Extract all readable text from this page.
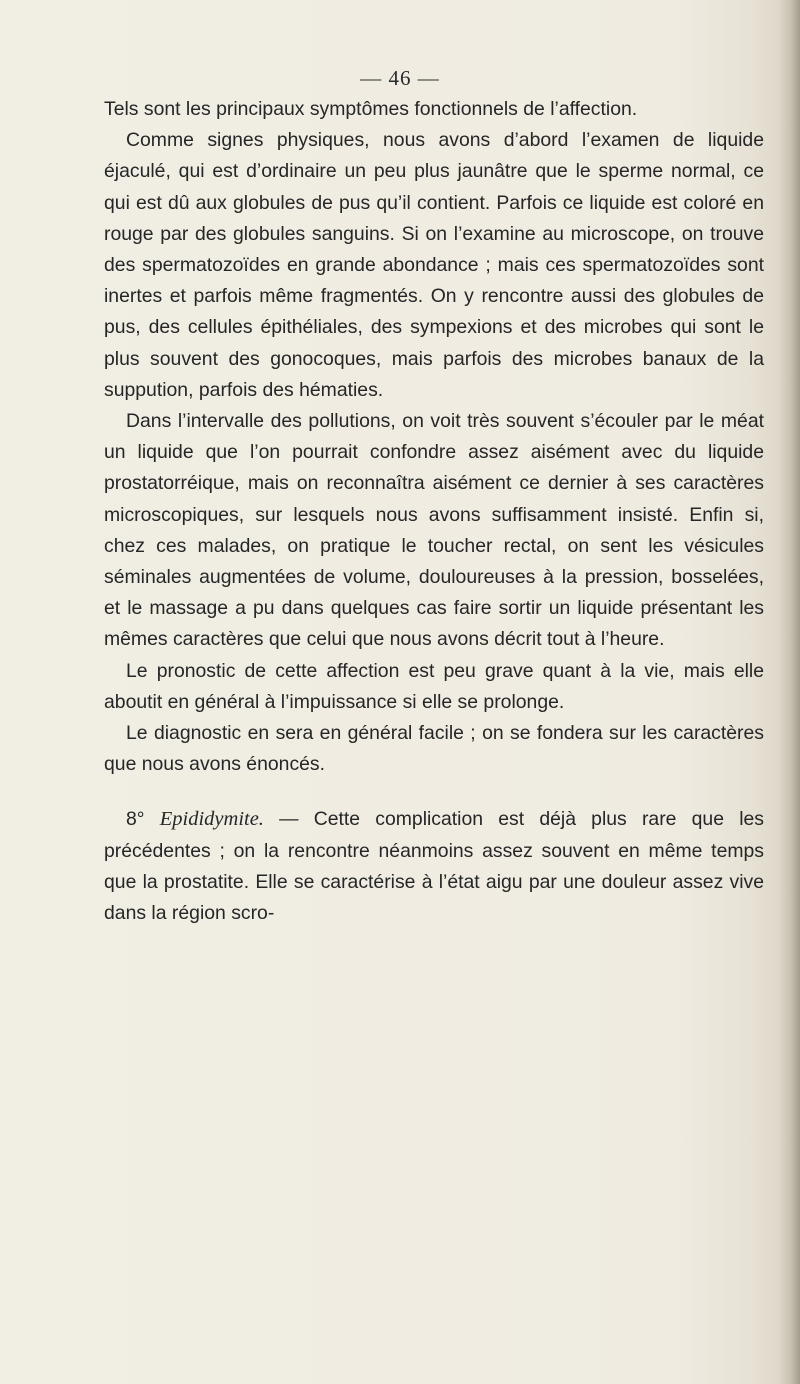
— 46 —

Tels sont les principaux symptômes fonctionnels de l’affection.

Comme signes physiques, nous avons d’abord l’examen de liquide éjaculé, qui est d’ordinaire un peu plus jaunâtre que le sperme normal, ce qui est dû aux globules de pus qu’il contient. Parfois ce liquide est coloré en rouge par des globules sanguins. Si on l’examine au microscope, on trouve des spermatozoïdes en grande abondance ; mais ces spermatozoïdes sont inertes et parfois même fragmentés. On y rencontre aussi des globules de pus, des cellules épithéliales, des sympexions et des microbes qui sont le plus souvent des gonocoques, mais parfois des microbes banaux de la suppution, parfois des hématies.

Dans l’intervalle des pollutions, on voit très souvent s’écouler par le méat un liquide que l’on pourrait confondre assez aisément avec du liquide prostatorréique, mais on reconnaîtra aisément ce dernier à ses caractères microscopiques, sur lesquels nous avons suffisamment insisté. Enfin si, chez ces malades, on pratique le toucher rectal, on sent les vésicules séminales augmentées de volume, douloureuses à la pression, bosselées, et le massage a pu dans quelques cas faire sortir un liquide présentant les mêmes caractères que celui que nous avons décrit tout à l’heure.

Le pronostic de cette affection est peu grave quant à la vie, mais elle aboutit en général à l’impuissance si elle se prolonge.

Le diagnostic en sera en général facile ; on se fondera sur les caractères que nous avons énoncés.

8° Epididymite. — Cette complication est déjà plus rare que les précédentes ; on la rencontre néanmoins assez souvent en même temps que la prostatite. Elle se caractérise à l’état aigu par une douleur assez vive dans la région scro-
